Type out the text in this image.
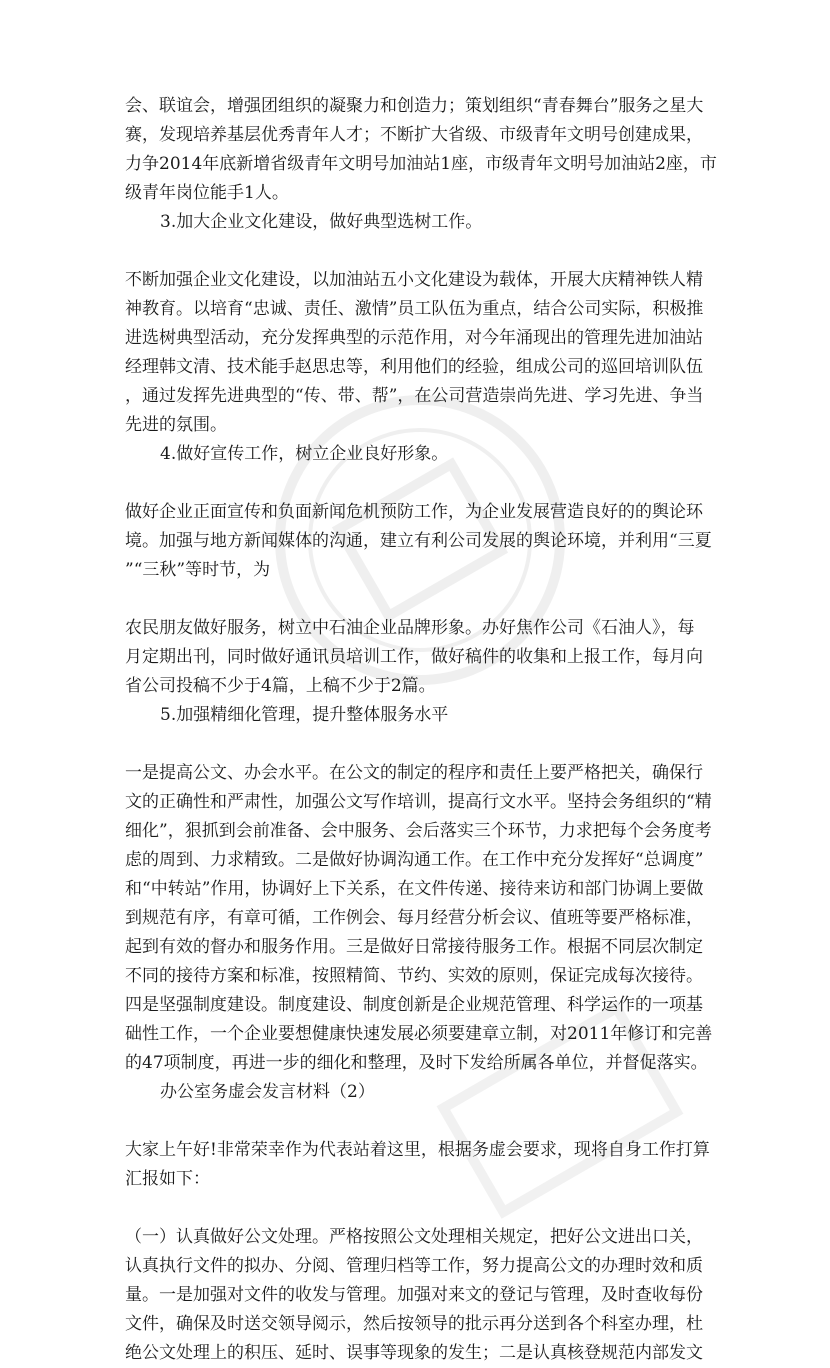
会、联谊会，增强团组织的凝聚力和创造力；策划组织“青春舞台”服务之星大
赛，发现培养基层优秀青年人才；不断扩大省级、市级青年文明号创建成果，
力争2014年底新增省级青年文明号加油站1座，市级青年文明号加油站2座，市
级青年岗位能手1人。
3.加大企业文化建设，做好典型选树工作。
不断加强企业文化建设，以加油站五小文化建设为载体，开展大庆精神铁人精
神教育。以培育“忠诚、责任、激情”员工队伍为重点，结合公司实际，积极推
进选树典型活动，充分发挥典型的示范作用，对今年涌现出的管理先进加油站
经理韩文清、技术能手赵思忠等，利用他们的经验，组成公司的巡回培训队伍
，通过发挥先进典型的“传、带、帮”，在公司营造崇尚先进、学习先进、争当
先进的氛围。
4.做好宣传工作，树立企业良好形象。
做好企业正面宣传和负面新闻危机预防工作，为企业发展营造良好的的舆论环
境。加强与地方新闻媒体的沟通，建立有利公司发展的舆论环境，并利用“三夏
”“三秋”等时节，为
农民朋友做好服务，树立中石油企业品牌形象。办好焦作公司《石油人》，每
月定期出刊，同时做好通讯员培训工作，做好稿件的收集和上报工作，每月向
省公司投稿不少于4篇，上稿不少于2篇。
5.加强精细化管理，提升整体服务水平
一是提高公文、办会水平。在公文的制定的程序和责任上要严格把关，确保行
文的正确性和严肃性，加强公文写作培训，提高行文水平。坚持会务组织的“精
细化”，狠抓到会前准备、会中服务、会后落实三个环节，力求把每个会务度考
虑的周到、力求精致。二是做好协调沟通工作。在工作中充分发挥好“总调度”
和“中转站”作用，协调好上下关系，在文件传递、接待来访和部门协调上要做
到规范有序，有章可循，工作例会、每月经营分析会议、值班等要严格标准，
起到有效的督办和服务作用。三是做好日常接待服务工作。根据不同层次制定
不同的接待方案和标准，按照精简、节约、实效的原则，保证完成每次接待。
四是坚强制度建设。制度建设、制度创新是企业规范管理、科学运作的一项基
础性工作，一个企业要想健康快速发展必须要建章立制，对2011年修订和完善
的47项制度，再进一步的细化和整理，及时下发给所属各单位，并督促落实。
办公室务虚会发言材料（2）
大家上午好!非常荣幸作为代表站着这里，根据务虚会要求，现将自身工作打算
汇报如下：
（一）认真做好公文处理。严格按照公文处理相关规定，把好公文进出口关，
认真执行文件的拟办、分阅、管理归档等工作，努力提高公文的办理时效和质
量。一是加强对文件的收发与管理。加强对来文的登记与管理，及时查收每份
文件，确保及时送交领导阅示，然后按领导的批示再分送到各个科室办理，杜
绝公文处理上的积压、延时、误事等现象的发生；二是认真核登规范内部发文
